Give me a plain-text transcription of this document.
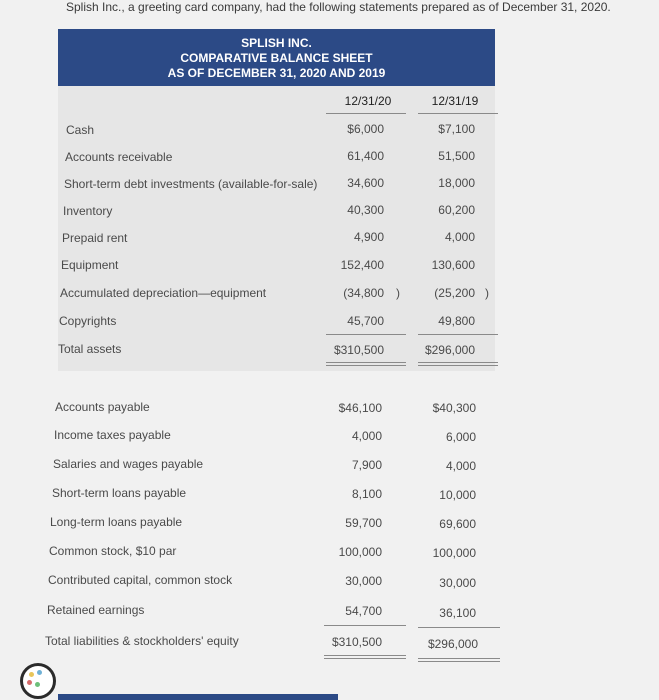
Splish Inc., a greeting card company, had the following statements prepared as of December 31, 2020.
SPLISH INC.
COMPARATIVE BALANCE SHEET
AS OF DECEMBER 31, 2020 AND 2019
12/31/20	12/31/19
Cash	$6,000	$7,100
Accounts receivable	61,400	51,500
Short-term debt investments (available-for-sale)	34,600	18,000
Inventory	40,300	60,200
Prepaid rent	4,900	4,000
Equipment	152,400	130,600
Accumulated depreciation—equipment	(34,800 )	(25,200 )
Copyrights	45,700	49,800
Total assets	$310,500	$296,000
Accounts payable	$46,100	$40,300
Income taxes payable	4,000	6,000
Salaries and wages payable	7,900	4,000
Short-term loans payable	8,100	10,000
Long-term loans payable	59,700	69,600
Common stock, $10 par	100,000	100,000
Contributed capital, common stock	30,000	30,000
Retained earnings	54,700	36,100
Total liabilities & stockholders' equity	$310,500	$296,000
